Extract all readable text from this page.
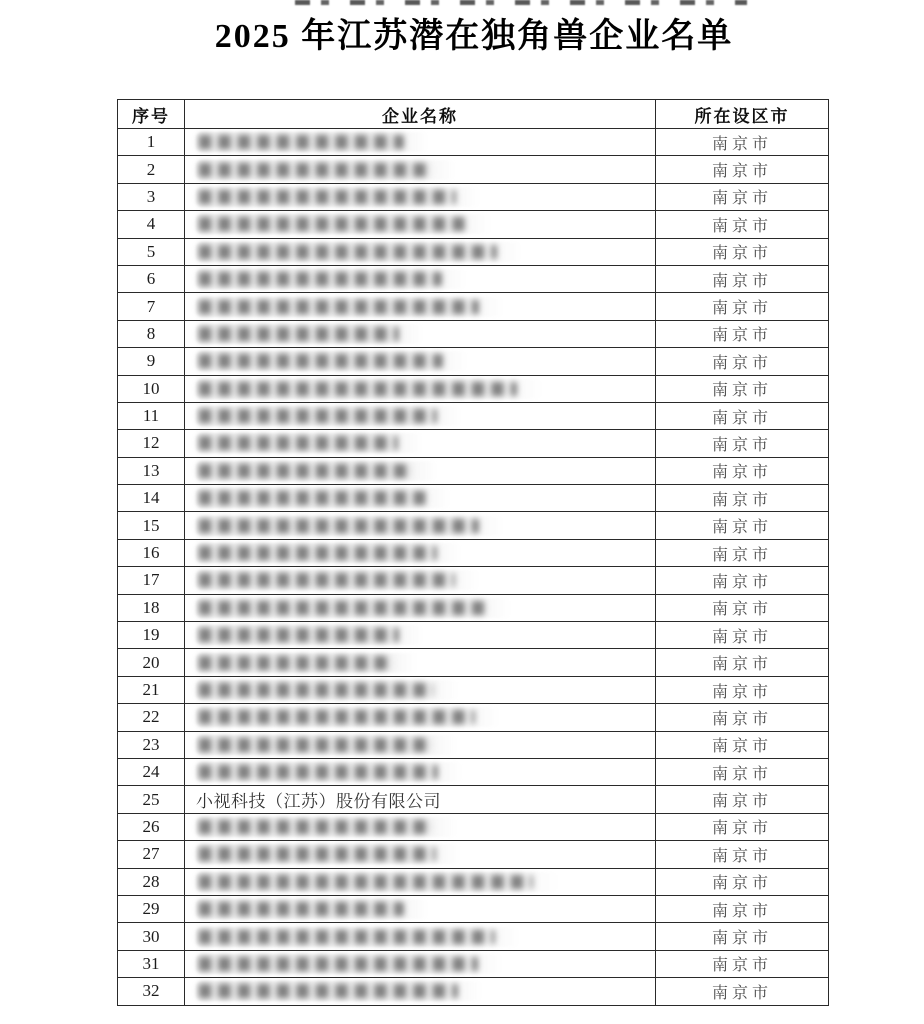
2025 年江苏潜在独角兽企业名单
序号	企业名称	所在设区市
1		南京市
2		南京市
3		南京市
4		南京市
5		南京市
6		南京市
7		南京市
8		南京市
9		南京市
10		南京市
11		南京市
12		南京市
13		南京市
14		南京市
15		南京市
16		南京市
17		南京市
18		南京市
19		南京市
20		南京市
21		南京市
22		南京市
23		南京市
24		南京市
25	小视科技（江苏）股份有限公司	南京市
26		南京市
27		南京市
28		南京市
29		南京市
30		南京市
31		南京市
32		南京市
